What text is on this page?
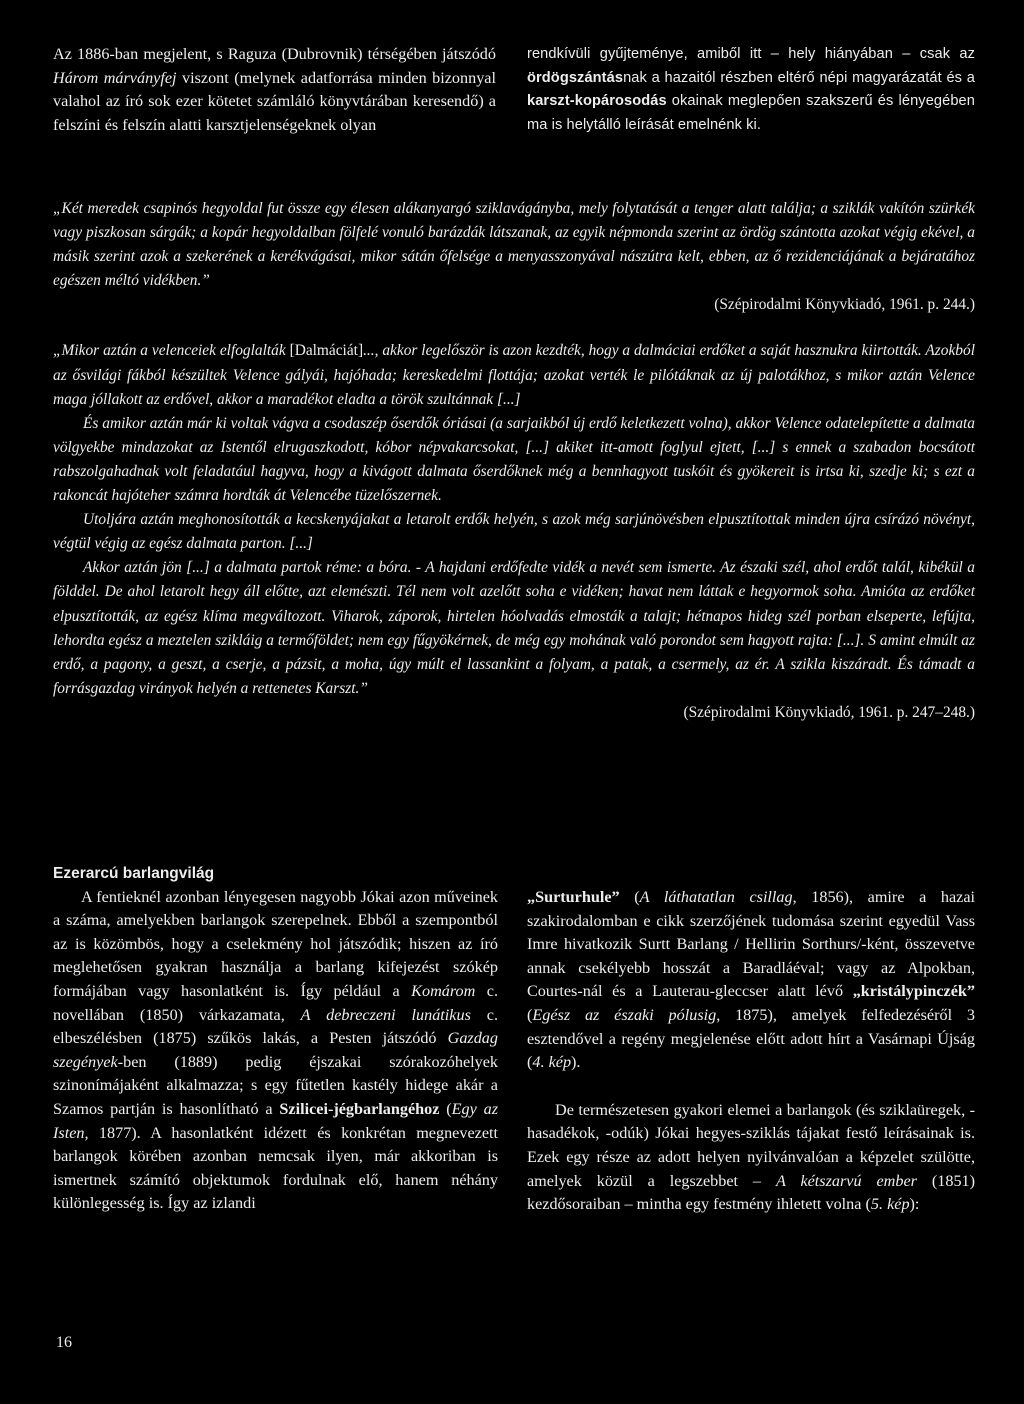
Az 1886-ban megjelent, s Raguza (Dubrovnik) térségében játszódó Három márványfej viszont (melynek adatforrása minden bizonnyal valahol az író sok ezer kötetet számláló könyvtárában keresendő) a felszíni és felszín alatti karsztjelenségeknek olyan

rendkívüli gyűjteménye, amiből itt – hely hiányában – csak az ördögszántásnak a hazaitól részben eltérő népi magyarázatát és a karszt-kopárosodás okainak meglepően szakszerű és lényegében ma is helytálló leírását emelnénk ki.

„Két meredek csapinós hegyoldal fut össze egy élesen alákanyargó sziklavágányba, mely folytatását a tenger alatt találja; a sziklák vakítón szürkék vagy piszkosan sárgák; a kopár hegyoldalban fölfelé vonuló barázdák látszanak, az egyik népmonda szerint az ördög szántotta azokat végig ekével, a másik szerint azok a szekerének a kerékvágásai, mikor sátán őfelsége a menyasszonyával nászútra kelt, ebben, az ő rezidenciájának a bejáratához egészen méltó vidékben.”

(Szépirodalmi Könyvkiadó, 1961. p. 244.)

„Mikor aztán a velenceiek elfoglalták [Dalmáciát]..., akkor legelőször is azon kezdték, hogy a dalmáciai erdőket a saját hasznukra kiirtották. Azokból az ősvilági fákból készültek Velence gályái, hajóhada; kereskedelmi flottája; azokat verték le pilótáknak az új palotákhoz, s mikor aztán Velence maga jóllakott az erdővel, akkor a maradékot eladta a török szultánnak [...]

És amikor aztán már ki voltak vágva a csodaszép őserdők óriásai (a sarjaikból új erdő keletkezett volna), akkor Velence odatelepítette a dalmata völgyekbe mindazokat az Istentől elrugaszkodott, kóbor népvakarcsokat, [...] akiket itt-amott foglyul ejtett, [...] s ennek a szabadon bocsátott rabszolgahadnak volt feladatául hagyva, hogy a kivágott dalmata őserdőknek még a bennhagyott tuskóit és gyökereit is irtsa ki, szedje ki; s ezt a rakoncát hajóteher számra hordták át Velencébe tüzelőszernek.

Utoljára aztán meghonosították a kecskenyájakat a letarolt erdők helyén, s azok még sarjúnövésben elpusztítottak minden újra csírázó növényt, végtül végig az egész dalmata parton. [...]

Akkor aztán jön [...] a dalmata partok réme: a bóra. - A hajdani erdőfedte vidék a nevét sem ismerte. Az északi szél, ahol erdőt talál, kibékül a földdel. De ahol letarolt hegy áll előtte, azt elemészti. Tél nem volt azelőtt soha e vidéken; havat nem láttak e hegyormok soha. Amióta az erdőket elpusztították, az egész klíma megváltozott. Viharok, záporok, hirtelen hóolvadás elmosták a talajt; hétnapos hideg szél porban elseperte, lefújta, lehordta egész a meztelen szikláig a termőföldet; nem egy fűgyökérnek, de még egy mohának való porondot sem hagyott rajta: [...]. S amint elmúlt az erdő, a pagony, a geszt, a cserje, a pázsit, a moha, úgy múlt el lassankint a folyam, a patak, a csermely, az ér. A szikla kiszáradt. És támadt a forrásgazdag virányok helyén a rettenetes Karszt.”

(Szépirodalmi Könyvkiadó, 1961. p. 247–248.)

Ezerarcú barlangvilág

A fentieknél azonban lényegesen nagyobb Jókai azon műveinek a száma, amelyekben barlangok szerepelnek. Ebből a szempontból az is közömbös, hogy a cselekmény hol játszódik; hiszen az író meglehetősen gyakran használja a barlang kifejezést szókép formájában vagy hasonlatként is. Így például a Komárom c. novellában (1850) várkazamata, A debreczeni lunátikus c. elbeszélésben (1875) szűkös lakás, a Pesten játszódó Gazdag szegények-ben (1889) pedig éjszakai szórakozóhelyek szinonímájaként alkalmazza; s egy fűtetlen kastély hidege akár a Szamos partján is hasonlítható a Szilicei-jégbarlangéhoz (Egy az Isten, 1877). A hasonlatként idézett és konkrétan megnevezett barlangok körében azonban nemcsak ilyen, már akkoriban is ismertnek számító objektumok fordulnak elő, hanem néhány különlegesség is. Így az izlandi

„Surturhule” (A láthatatlan csillag, 1856), amire a hazai szakirodalomban e cikk szerzőjének tudomása szerint egyedül Vass Imre hivatkozik Surtt Barlang / Hellirin Sorthurs/-ként, összevetve annak csekélyebb hosszát a Baradláéval; vagy az Alpokban, Courtes-nál és a Lauterau-gleccser alatt lévő „kristálypinczék” (Egész az északi pólusig, 1875), amelyek felfedezéséről 3 esztendővel a regény megjelenése előtt adott hírt a Vasárnapi Újság (4. kép).

De természetesen gyakori elemei a barlangok (és sziklaüregek, -hasadékok, -odúk) Jókai hegyes-sziklás tájakat festő leírásainak is. Ezek egy része az adott helyen nyilvánvalóan a képzelet szülötte, amelyek közül a legszebbet – A kétszarvú ember (1851) kezdősoraiban – mintha egy festmény ihletett volna (5. kép):

16
